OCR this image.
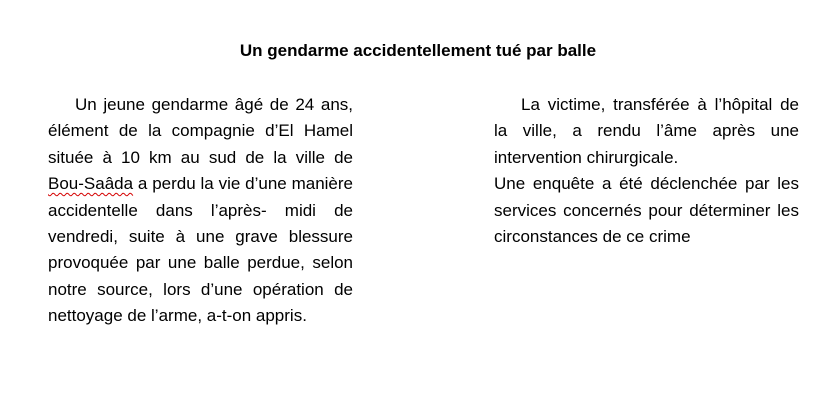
Un gendarme accidentellement tué par balle

Un jeune gendarme âgé de 24 ans, élément de la compagnie d’El Hamel située à 10 km au sud de la ville de Bou-Saâda a perdu la vie d’une manière accidentelle dans l’après- midi de vendredi, suite à une grave blessure provoquée par une balle perdue, selon notre source, lors d’une opération de nettoyage de l’arme, a-t-on appris.

La victime, transférée à l’hôpital de la ville, a rendu l’âme après une intervention chirurgicale.

Une enquête a été déclenchée par les services concernés pour déterminer les circonstances de ce crime
